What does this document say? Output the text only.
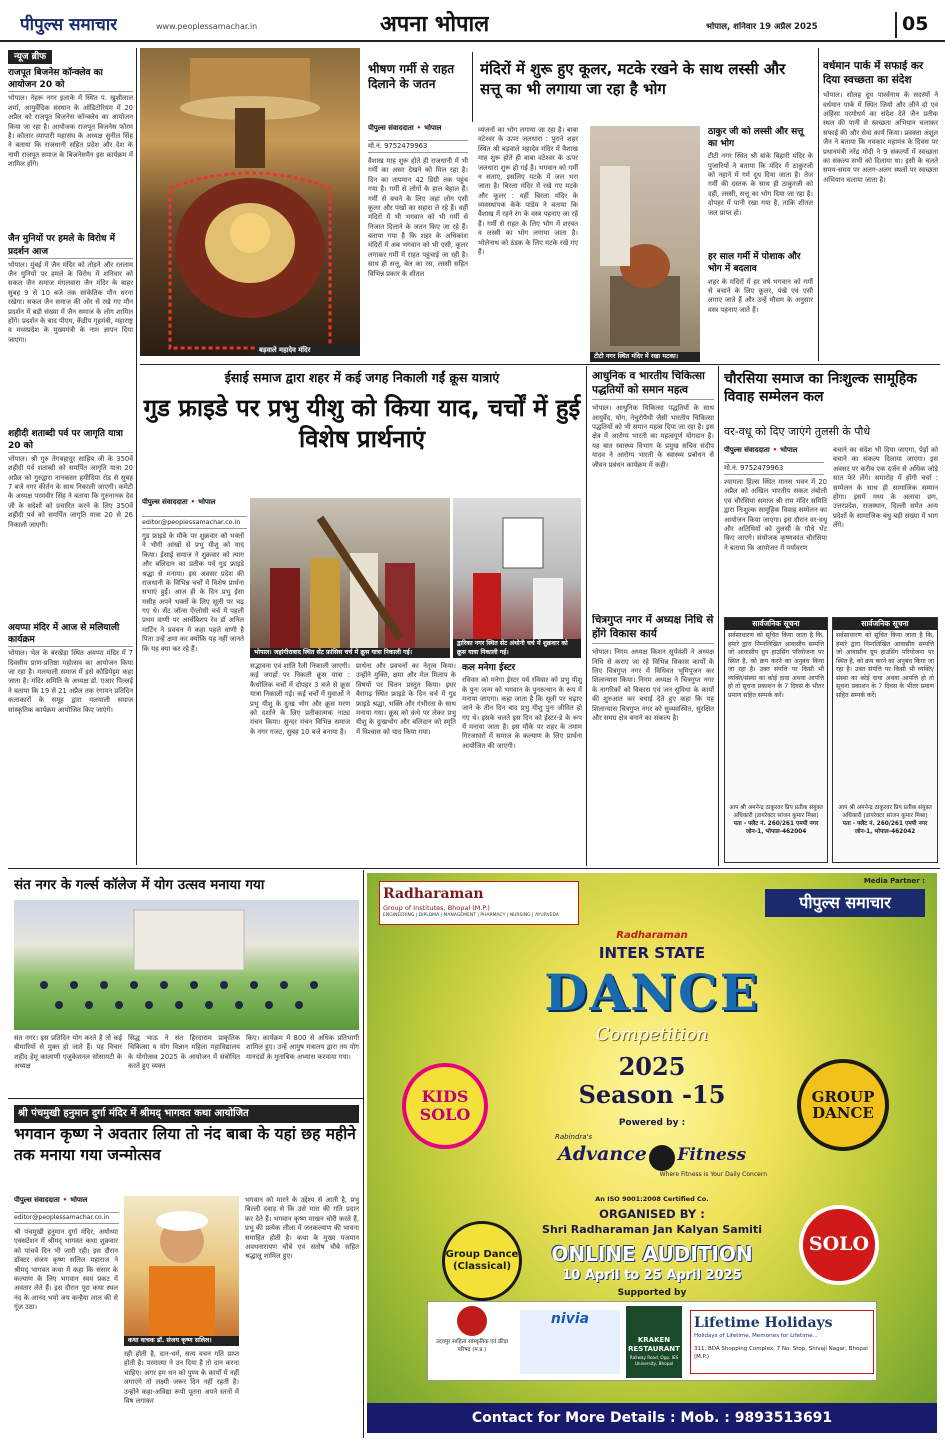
पीपुल्स समाचार	www.peoplessamachar.in	अपना भोपाल	भोपाल, शनिवार 19 अप्रैल 2025	05
न्यूज ब्रीफ
राजपूत बिजनेस कॉन्क्लेव का आयोजन 20 को
भोपाल। नेहरू नगर इलाके में स्थित पं. खुशीलाल शर्मा, आयुर्वेदिक संस्थान के ऑडिटोरियम में 20 अप्रैल को राजपूत बिजनेस कॉन्क्लेव का आयोजन किया जा रहा है। आयोजक राजपूत बिजनेस फोरम है। कोलार व्यापारी महासंघ के अध्यक्ष सुनील सिंह ने बताया कि राजधानी सहित प्रदेश और देश के नामी राजपूत समाज के बिजनेसमैन इस कार्यक्रम में शामिल होंगे।
जैन मुनियों पर हमले के विरोध में प्रदर्शन आज
भोपाल। मुंबई में जैन मंदिर को तोड़ने और रतलाम जैन मुनियों पर हमले के विरोध में शनिवार को सकल जैन समाज मंगलवारा जैन मंदिर के बाहर सुबह 9 से 10 बजे तक सांकेतिक मौन धरना रखेगा। सकल जैन समाज की ओर से रखे गए मौन प्रदर्शन में बड़ी संख्या में जैन समाज के लोग शामिल होंगे। प्रदर्शन के बाद पीएम, केंद्रीय गृहमंत्री, महाराष्ट्र व मध्यप्रदेश के मुख्यमंत्री के नाम ज्ञापन दिया जाएगा।
शहीदी शताब्दी पर्व पर जागृति यात्रा 20 को
भोपाल। श्री गुरु तेगबहादुर साहिब जी के 350वें शहीदी पर्व शताब्दी को समर्पित जागृति यात्रा 20 अप्रैल को गुरुद्वारा नानकसर हमीदिया रोड से सुबह 7 बजे नगर कीर्तन के साथ निकाली जाएगी। कमेटी के अध्यक्ष परमवीर सिंह ने बताया कि गुरुनानक देव जी के सदेशों को प्रचारित करने के लिए 350वें शहीदी पर्व को समर्पित जागृति यात्रा 20 से 26 निकाली जाएगी।
अयप्पा मंदिर में आज से मलियाली कार्यक्रम
भोपाल। भेल के बरखेड़ा स्थित अयप्पा मंदिर में 7 दिवसीय प्राण-प्रतिष्ठा महोत्सव का आयोजन किया जा रहा है। मलयाली समाज में इसे कोडियेट्टम कहा जाता है। मंदिर समिति के अध्यक्ष डॉ. एआर पिल्लई ने बताया कि 19 से 21 अप्रैल तक रंगायन प्रतिदिन कलाकारों के समूह द्वारा मलयाली समाज सांस्कृतिक कार्यक्रम आयोजित किए जाएंगे।
बड़वाले महादेव मंदिर
भीषण गर्मी से राहत दिलाने के जतन
मंदिरों में शुरू हुए कूलर, मटके रखने के साथ लस्सी और सत्तू का भी लगाया जा रहा है भोग
पीपुल्स संवाददाता • भोपाल
मो.नं. 9752479963
वैशाख माह शुरू होते ही राजधानी में भी गर्मी का असर देखने को मिल रहा है। दिन का तापमान 42 डिग्री तक पहुंच गया है। गर्मी से लोगों के हाल बेहाल हैं। गर्मी से बचने के लिए जहां लोग एसी कूलर और पंखों का सहारा ले रहे हैं। वहीं मंदिरों में भी भगवान को भी गर्मी से निजात दिलाने के जतन किए जा रहे हैं। बताया गया है कि शहर के अधिकांश मंदिरों में अब भगवान को भी एसी, कूलर लगाकर गर्मी में राहत पहुंचाई जा रही है। साथ ही सत्तू, बेल का रस, लस्सी सहित विभिन्न प्रकार के शीतल
व्यंजनों का भोग लगाया जा रहा है। बाबा वटेश्वर के ऊपर जलधारा : पुराने शहर स्थित श्री बड़वाले महादेव मंदिर में वैशाख माह शुरू होते ही बाबा वटेश्वर के ऊपर जलधारा शुरू हो गई है। भगवान को गर्मी न सताए, इसलिए मटके में जल भरा जाता है। बिरला मंदिर में रखे गए मटके और कूलर : वहीं बिरला मंदिर के व्यवस्थापक केके पांडेय ने बताया कि वैशाख में रहने रंग के वस्त्र पहनाए जा रहे हैं। गर्मी से राहत के लिए भोग में शरबत व लस्सी का भोग लगाया जाता है। भोलेनाथ को ठंडक के लिए मटके रखे गए हैं।
टीटी नगर स्थित मंदिर में रखा मटका।
ठाकुर जी को लस्सी और सत्तू का भोग
टीटी नगर स्थित श्री बांके बिहारी मंदिर के पुजारियों ने बताया कि मंदिर में ठाकुरजी को नहाने में गर्म दूध दिया जाता है। तेज गर्मी की दस्तक के साथ ही ठाकुरजी को दही, लस्सी, सत्तू का भोग दिया जा रहा है। दोपहर में पानी रखा गया है, ताकि शीतल जल प्राप्त हो।
हर साल गर्मी में पोशाक और भोग में बदलाव
शहर के मंदिरों में हर वर्ष भगवान को गर्मी से बचाने के लिए कूलर, पंखे एवं एसी लगाए जाते हैं और उन्हें मौसम के अनुसार वस्त्र पहनाए जाते हैं।
वर्धमान पार्क में सफाई कर दिया स्वच्छता का संदेश
भोपाल। सोलह दूध पार्श्वनाथ के सदस्यों ने वर्धमान पार्क में स्थित जियो और जीने दो एवं अहिंसा परमोधर्म का संदेश देते जैन प्रतीक स्थल की पानी से स्वच्छता अभियान चलाकर सफाई की और सेवा कार्य किया। प्रवक्ता अंशुल जैन ने बताया कि नवकार महामंत्र के दिवस पर प्रधानमंत्री नरेंद्र मोदी ने 9 संकल्पों में स्वच्छता का संकल्प सभी को दिलाया था। इसी के चलते समय-समय पर अलग-अलग स्थलों पर स्वच्छता अभियान चलाया जाता है।
ईसाई समाज द्वारा शहर में कई जगह निकाली गईं क्रूस यात्राएं
गुड फ्राइडे पर प्रभु यीशु को किया याद, चर्चों में हुई विशेष प्रार्थनाएं
पीपुल्स संवाददाता • भोपाल
editor@peoplessamachar.co.in
गुड फ्राइडे के मौके पर शुक्रवार को भक्तों ने भीगी आंखों से प्रभु यीशु को याद किया। ईसाई समाज ने शुक्रवार को त्याग और बलिदान का प्रतीक पर्व गुड फ्राइडे श्रद्धा से मनाया। इस अवसर प्रदेश की राजधानी के विभिन्न चर्चों में विशेष प्रार्थना सभाएं हुईं। आज ही के दिन प्रभु ईसा मसीह अपने भक्तों के लिए सूली पर चढ़ गए थे। सेंट जॉन्स ऐंग्लोसी चर्च में पहली प्रथम वाणी पर आर्चबिशप रेव डॉ अनिल मार्टिन ने प्रवचन में कहा पहले वाणी है पिता उन्हें क्षमा कर क्योंकि यह नहीं जानते कि यह क्या कर रहे हैं।	भोपाल। जहांगीराबाद स्थित सेंट फ्रांसिस चर्च में क्रूस यात्रा निकाली गई।
द्वारिका नगर स्थित सेंट अंथोनी चर्च में शुक्रवार को क्रूस यात्रा निकाली गई।
सद्भावना एवं शांति रैली निकाली जाएगी। कई जगहों पर निकली क्रूस यात्रा : कैथोलिक चर्चों में दोपहर 3 बजे से क्रूस यात्रा निकाली गई। कई चर्चों में युवाओं ने प्रभु यीशु के दुःख भोग और क्रूस मरण को दर्शाने के लिए प्रतीकात्मक नाट्य मंचन किया। सुन्दर मंचन विभिन्न समाज के नगर गजट, सुबह 10 बजे बनाया है।
प्रार्थना और प्रवचनों का नेतृत्व किया। उन्होंने मुक्ति, क्षमा और मेल मिलाप के विषयों पर चिंतन प्रस्तुत किया। इधर बैरागढ़ स्थित फ्राइडे के दिन चर्च में गुड फ्राइडे श्रद्धा, भक्ति और गंभीरता के साथ मनाया गया। क्रूस को कंधे पर लेकर प्रभु यीशु के दुःखभोग और बलिदान को स्मृति में विश्वास को याद किया गया।
कल मनेगा ईस्टर
रविवार को मनेगा ईस्टर पर्व रविवार को प्रभु यीशु के पुनः जन्म को भगवान के पुनरुत्थान के रूप में मनाया जाएगा। कहा जाता है कि सूली पर चढ़ाए जाने के तीन दिन बाद प्रभु यीशु पुनः जीवित हो गए थे। इसके चलते इस दिन को ईस्टर-डे के रूप में मनाया जाता है। इस मौके पर शहर के तमाम गिरजाघरों में समाज के कल्याण के लिए प्रार्थना आयोजित की जाएगी।
आधुनिक व भारतीय चिकित्सा पद्धतियों को समान महत्व
भोपाल। आधुनिक चिकित्सा पद्धतियों के साथ आयुर्वेद, योग, नेचुरोपैथी जैसी भारतीय चिकित्सा पद्धतियों को भी समान महत्व दिया जा रहा है। इस क्षेत्र में आरोग्य भारती का महत्वपूर्ण योगदान है। यह बात स्वास्थ्य विभाग के प्रमुख सचिव संदीप यादव ने आरोग्य भारती के स्वास्थ्य प्रबोधन से जीवन प्रबंधन कार्यक्रम में कही।
चित्रगुप्त नगर में अध्यक्ष निधि से होंगे विकास कार्य
भोपाल। निगम अध्यक्ष किशन सूर्यवंशी ने अध्यक्ष निधि से कराए जा रहे विभिन्न विकास कार्यों के लिए चित्रगुप्त नगर में विधिवत भूमिपूजन कर शिलान्यास किया। निगम अध्यक्ष ने चित्रगुप्त नगर के नागरिकों को विकास एवं जन सुविधा के कार्यों की शुरुआत कर बधाई देते हुए कहा कि यह शिलान्यास चित्रगुप्त नगर को सुव्यवस्थित, सुरक्षित और समग्र क्षेत्र बनाने का संकल्प है।
चौरसिया समाज का निःशुल्क सामूहिक विवाह सम्मेलन कल
वर-वधू को दिए जाएंगे तुलसी के पौधे
पीपुल्स संवाददाता • भोपाल
मो.नं. 9752479963
श्यामला हिल्स स्थित मानस भवन में 20 अप्रैल को अखिल भारतीय सकल तंबोली एवं चौरसिया समाज श्री राम मंदिर समिति द्वारा निःशुल्क सामूहिक विवाह सम्मेलन का आयोजन किया जाएगा। इस दौरान वर-वधू और अतिथियों को तुलसी के पौधे भेंट किए जाएंगे। संयोजक कृष्णकांत चौरसिया ने बताया कि आयोजन में पर्यावरण
बचाने का संदेश भी दिया जाएगा, पेड़ों को बचाने का संकल्प दिलाया जाएगा। इस अवसर पर करीब एक दर्जन से अधिक जोड़े सात फेरे लेंगे। समारोह में होंगी चर्चा : सम्मेलन के साथ ही सामाजिक सम्मान होगा। इसमें मध्य के अलावा छग, उत्तरप्रदेश, राजस्थान, दिल्ली समेत अन्य प्रदेशों के सामाजिक बंधु बड़ी संख्या में भाग लेंगे।
सार्वजनिक सूचना
सर्वसाधारण को सूचित किया जाता है कि, हमारे द्वारा निम्नलिखित आवासीय सम्पत्ति जो आवासीय ग्रुप हाउसिंग परियोजना पर स्थित है, को क्रय करने का अनुबंध किया जा रहा है। उक्त संपत्ति पर किसी भी व्यक्ति/संस्था का कोई दावा अथवा आपत्ति हो तो सूचना प्रकाशन के 7 दिवस के भीतर प्रमाण सहित सम्पर्क करें।
आप श्री अमनेन्द्र ठाकुरवर प्रिय प्रतीक संयुक्त अधिकारी (डायरेक्टर सांजन कुमार मिश्रा)
पता - फ्लैट नं. 260/261 एमपी नगर जोन-1, भोपाल-462004
सार्वजनिक सूचना
सर्वसाधारण को सूचित किया जाता है कि, हमारे द्वारा निम्नलिखित आवासीय सम्पत्ति जो आवासीय ग्रुप हाउसिंग परियोजना पर स्थित है, को क्रय करने का अनुबंध किया जा रहा है। उक्त संपत्ति पर किसी भी व्यक्ति/संस्था का कोई दावा अथवा आपत्ति हो तो सूचना प्रकाशन के 7 दिवस के भीतर प्रमाण सहित सम्पर्क करें।
आप श्री अमनेन्द्र ठाकुरवर प्रिय प्रतीक संयुक्त अधिकारी (डायरेक्टर सांजन कुमार मिश्रा)
पता - फ्लैट नं. 260/261 एमपी नगर जोन-1, भोपाल-462042
संत नगर के गर्ल्स कॉलेज में योग उत्सव मनाया गया
संत नगर। इस प्रतिदिन योग करते है तो कई बीमारियों से मुक्त हो जाते हैं। यह विचार शहीद हेमू कालाणी एजुकेशनल सोसायटी के अध्यक्ष
सिद्ध भाऊ ने संत हिरदाराम प्राकृतिक चिकित्सा व योग विज्ञान महिला महाविद्यालय के योगोत्सव 2025 के आयोजन में संबोधित करते हुए व्यक्त
किए। कार्यक्रम में 800 से अधिक प्रतिभागी शामिल हुए। उन्हें आयुष मंत्रालय द्वारा तय योग मानदंडों के मुताबिक अभ्यास करवाया गया।
श्री पंचमुखी हनुमान दुर्गा मंदिर में श्रीमद् भागवत कथा आयोजित
भगवान कृष्ण ने अवतार लिया तो नंद बाबा के यहां छह महीने तक मनाया गया जन्मोत्सव
पीपुल्स संवाददाता • भोपाल
editor@peoplessamachar.co.in
श्री पंचमुखी हनुमान दुर्गा मंदिर, अयोध्या एक्सटेंशन में श्रीमद् भागवत कथा शुक्रवार को पांचवें दिन भी जारी रही। इस दौरान डॉक्टर संजय कृष्ण सलिल महाराज ने श्रीमद् भागवत कथा में कहा कि संसार के कल्याण के लिए भगवान स्वयं प्रकट में अवतार लेते हैं। इस दौरान पूरा कथा स्थल नंद के आनंद भयो जय कन्हैया लाल की से गूंज उठा।
कथा वाचक डॉ. संजय कृष्ण सलिल।
रही होती है, दान-धर्म, सत्य वचन गति प्राप्त होती है। परमात्मा ने उन दिया है तो दान करना चाहिए। अगर हम धन को पुण्य के कार्यों में नहीं लगाएंगे तो लक्ष्मी जरूर दिन नहीं रहती है। उन्होंने कहा-अविद्या रूपी पूतना अपने स्तनों में विष लगाकर
भगवान को मारने के उद्देश्य से आती है, प्रभु बिल्ली दवाड़ से कि उसे मारा की गति प्रदान कर देते हैं। भगवान कृष्ण माखन चोरी करते हैं, प्रभु की प्रत्येक लीला में जनकल्याण की भावना समाहित होती है। कथा के मुख्य यजमान अवधनारायण चौबे एवं संतोष चौबे सहित श्रद्धालु शामिल हुए।
Radharaman
Group of Institutes, Bhopal (M.P.)
ENGINEERING | DIPLOMA | MANAGEMENT | PHARMACY | NURSING | AYURVEDA
Media Partner :
पीपुल्स समाचार
Radharaman
INTER STATE
DANCE
Competition
2025
Season -15
KIDS SOLO
GROUP DANCE
Group Dance (Classical)
SOLO
Powered by :
Rabindra's
Advance Fitness
Where Fitness is Your Daily Concern
An ISO 9001:2008 Certified Co.
ORGANISED BY :
Shri Radharaman Jan Kalyan Samiti
ONLINE AUDITION
10 April to 25 April 2025
Supported by
उदयपुर साहित्य सांस्कृतिक एवं क्रीड़ा परिषद (म.प्र.)
nivia
KRAKEN RESTAURANT
Railway Road, Opp. IES University, Bhopal
Lifetime Holidays
Holidays of Lifetime, Memories for Lifetime...
311, BDA Shopping Complex, 7 No. Stop, Shivaji Nagar, Bhopal (M.P.)
Contact for More Details : Mob. : 9893513691
